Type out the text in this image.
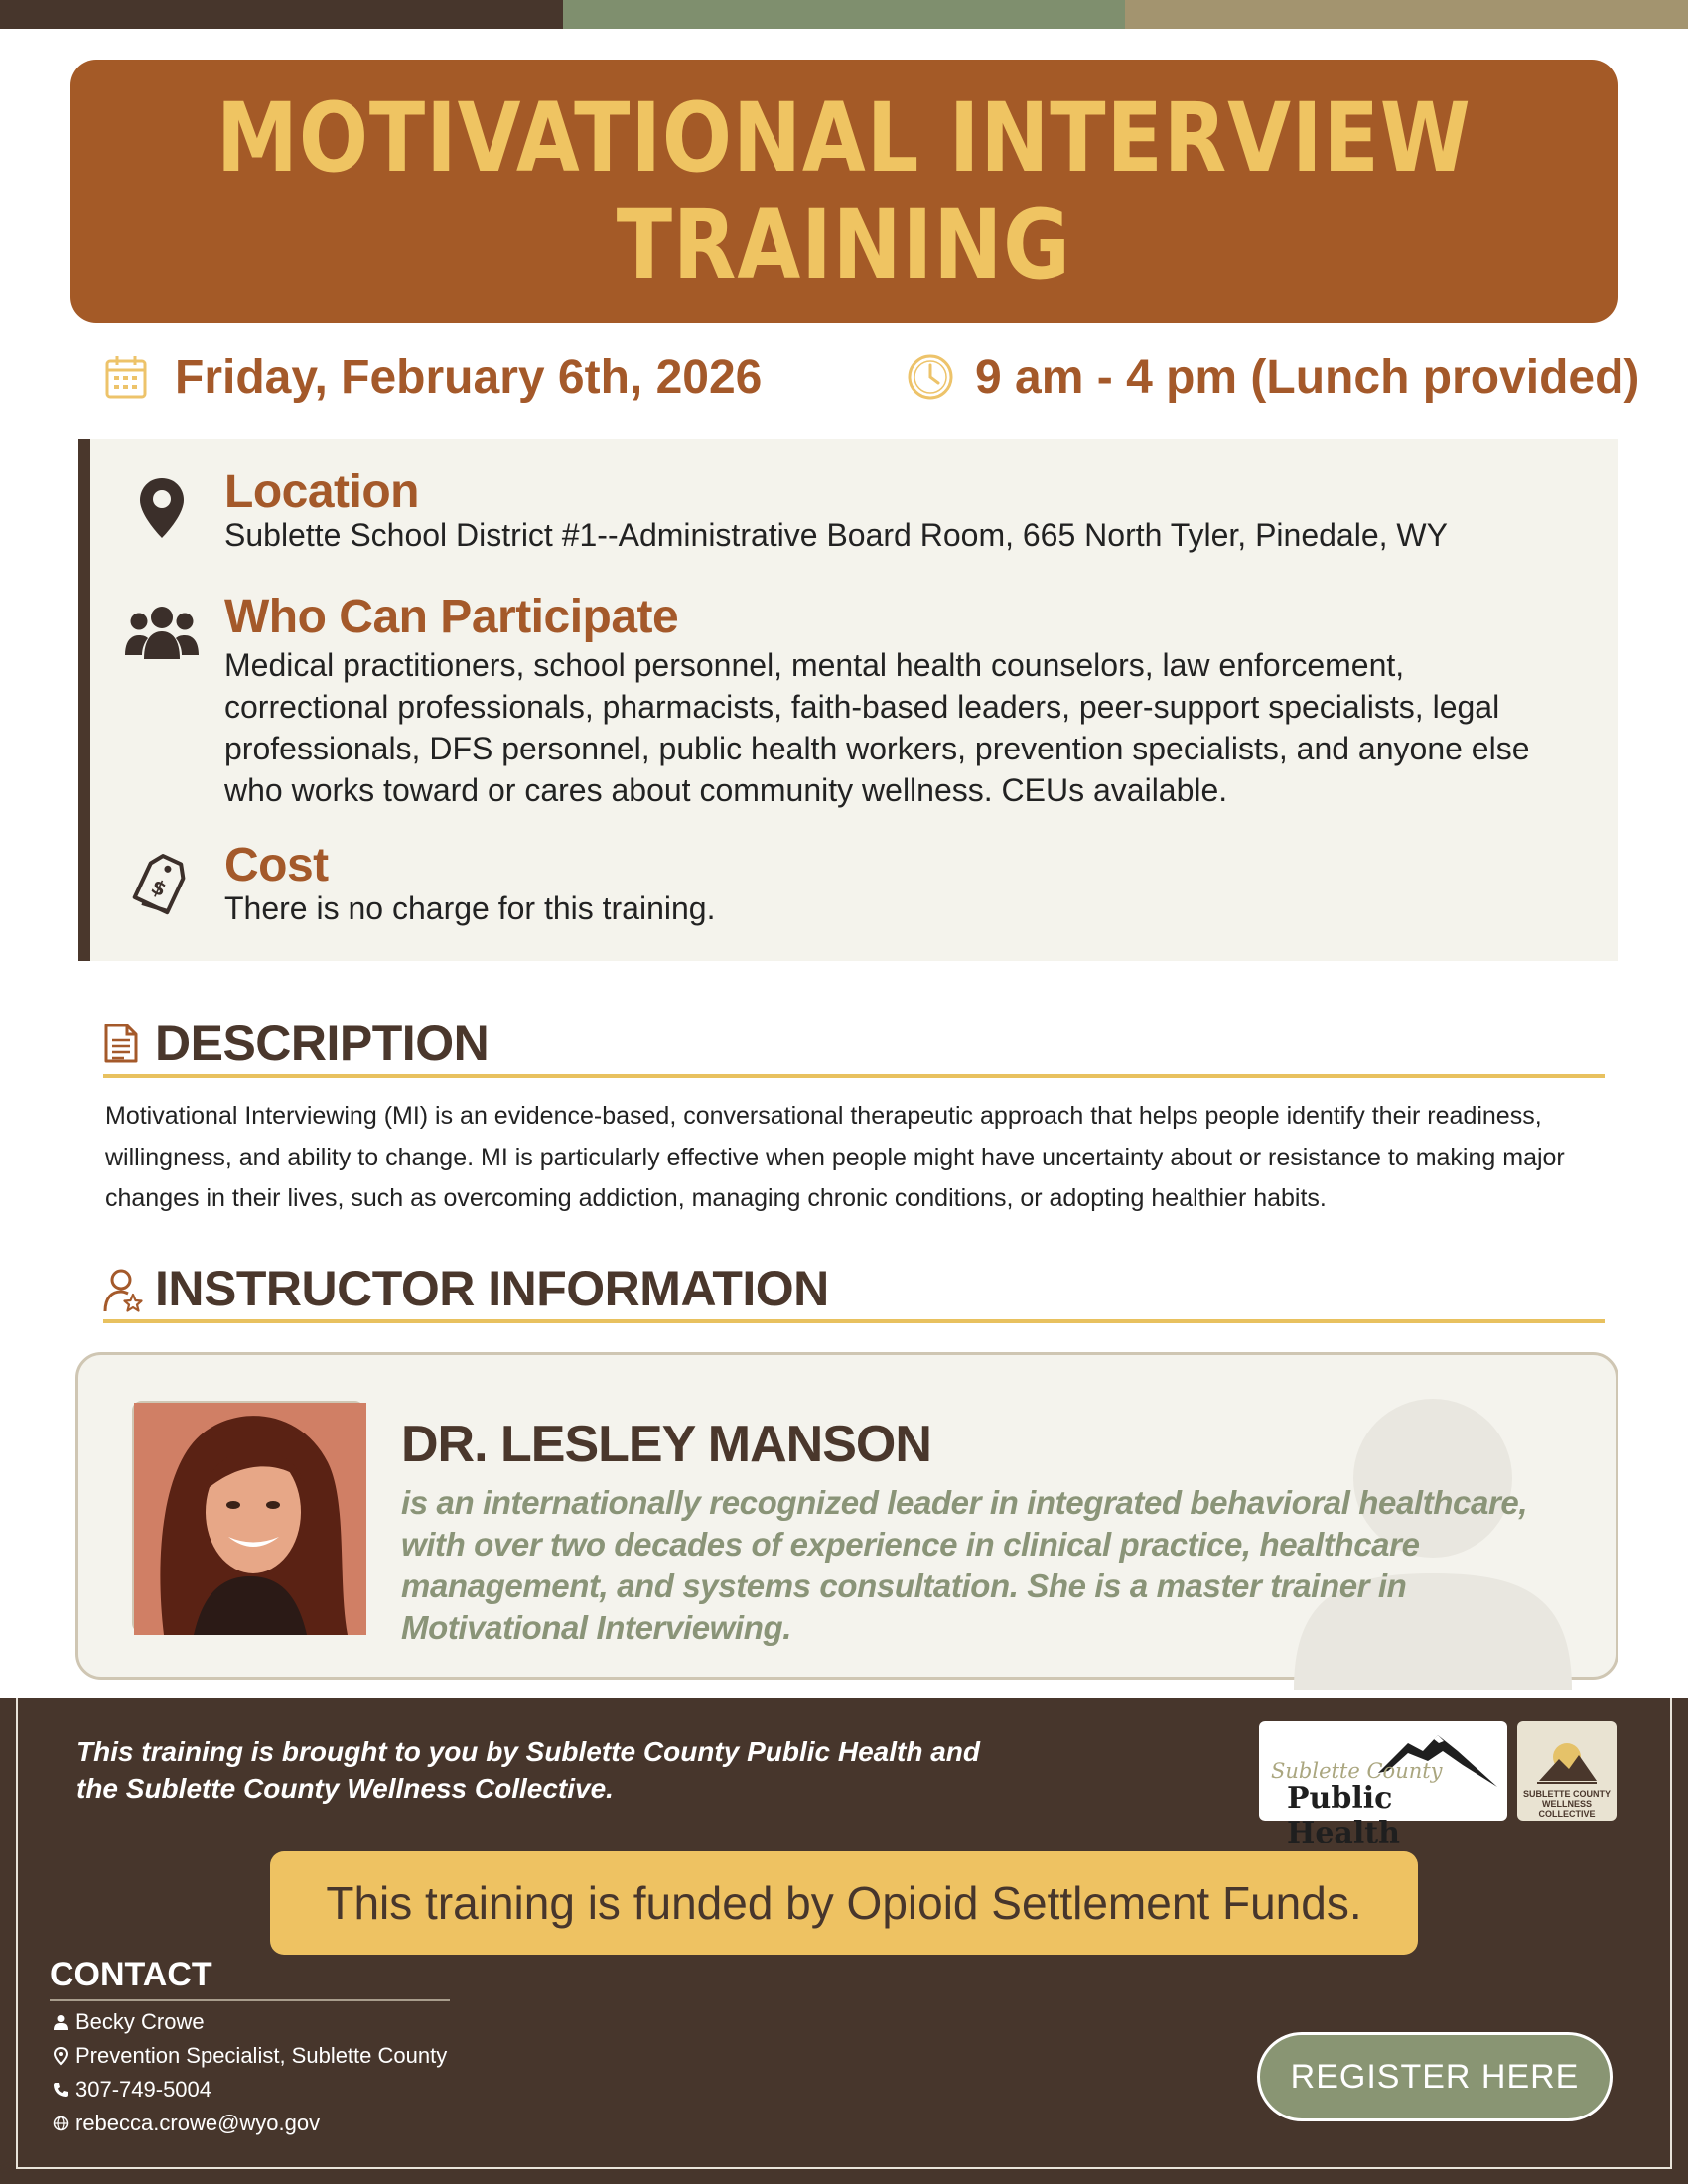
MOTIVATIONAL INTERVIEW
TRAINING
Friday, February 6th, 2026	9 am - 4 pm (Lunch provided)
Location

Sublette School District #1--Administrative Board Room, 665 North Tyler, Pinedale, WY

Who Can Participate

Medical practitioners, school personnel, mental health counselors, law enforcement, correctional professionals, pharmacists, faith-based leaders, peer-support specialists, legal professionals, DFS personnel, public health workers, prevention specialists, and anyone else who works toward or cares about community wellness. CEUs available.

$ Cost

There is no charge for this training.

DESCRIPTION

Motivational Interviewing (MI) is an evidence-based, conversational therapeutic approach that helps people identify their readiness, willingness, and ability to change. MI is particularly effective when people might have uncertainty about or resistance to making major changes in their lives, such as overcoming addiction, managing chronic conditions, or adopting healthier habits.

INSTRUCTOR INFORMATION
DR. LESLEY MANSON

is an internationally recognized leader in integrated behavioral healthcare, with over two decades of experience in clinical practice, healthcare management, and systems consultation. She is a master trainer in Motivational Interviewing.

This training is brought to you by Sublette County Public Health and
the Sublette County Wellness Collective.

Sublette County
Public Health
SUBLETTE COUNTY WELLNESS COLLECTIVE
This training is funded by Opioid Settlement Funds.
CONTACT
Becky Crowe
Prevention Specialist, Sublette County
307-749-5004
rebecca.crowe@wyo.gov
REGISTER HERE
